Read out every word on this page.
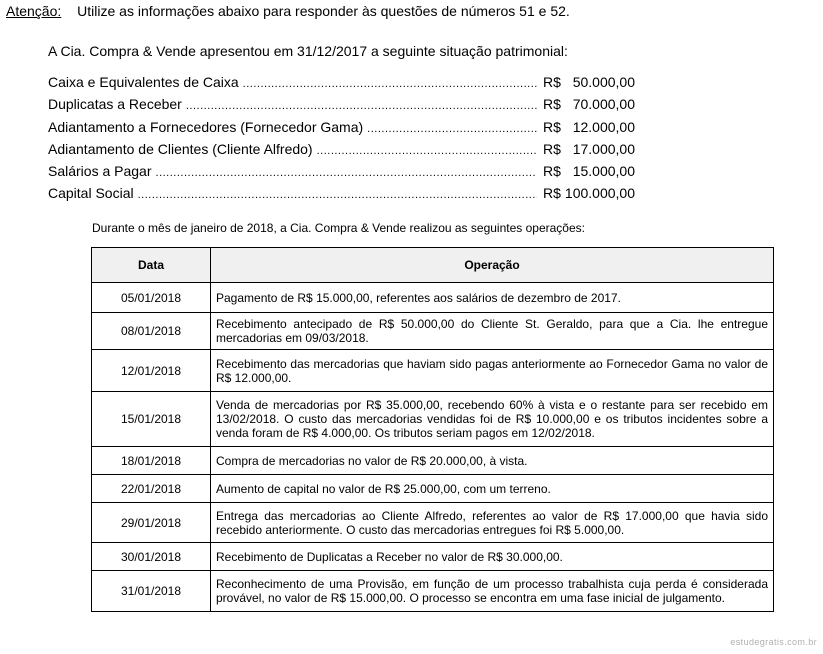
Atenção: Utilize as informações abaixo para responder às questões de números 51 e 52.
A Cia. Compra & Vende apresentou em 31/12/2017 a seguinte situação patrimonial:
Caixa e Equivalentes de Caixa .....	R$ 50.000,00
Duplicatas a Receber .....	R$ 70.000,00
Adiantamento a Fornecedores (Fornecedor Gama) .....	R$ 12.000,00
Adiantamento de Clientes (Cliente Alfredo) .....	R$ 17.000,00
Salários a Pagar .....	R$ 15.000,00
Capital Social .....	R$ 100.000,00
Durante o mês de janeiro de 2018, a Cia. Compra & Vende realizou as seguintes operações:
Data	Operação
05/01/2018	Pagamento de R$ 15.000,00, referentes aos salários de dezembro de 2017.
08/01/2018	Recebimento antecipado de R$ 50.000,00 do Cliente St. Geraldo, para que a Cia. lhe entregue mercadorias em 09/03/2018.
12/01/2018	Recebimento das mercadorias que haviam sido pagas anteriormente ao Fornecedor Gama no valor de R$ 12.000,00.
15/01/2018	Venda de mercadorias por R$ 35.000,00, recebendo 60% à vista e o restante para ser recebido em 13/02/2018. O custo das mercadorias vendidas foi de R$ 10.000,00 e os tributos incidentes sobre a venda foram de R$ 4.000,00. Os tributos seriam pagos em 12/02/2018.
18/01/2018	Compra de mercadorias no valor de R$ 20.000,00, à vista.
22/01/2018	Aumento de capital no valor de R$ 25.000,00, com um terreno.
29/01/2018	Entrega das mercadorias ao Cliente Alfredo, referentes ao valor de R$ 17.000,00 que havia sido recebido anteriormente. O custo das mercadorias entregues foi R$ 5.000,00.
30/01/2018	Recebimento de Duplicatas a Receber no valor de R$ 30.000,00.
31/01/2018	Reconhecimento de uma Provisão, em função de um processo trabalhista cuja perda é considerada provável, no valor de R$ 15.000,00. O processo se encontra em uma fase inicial de julgamento.
estudegratis.com.br
